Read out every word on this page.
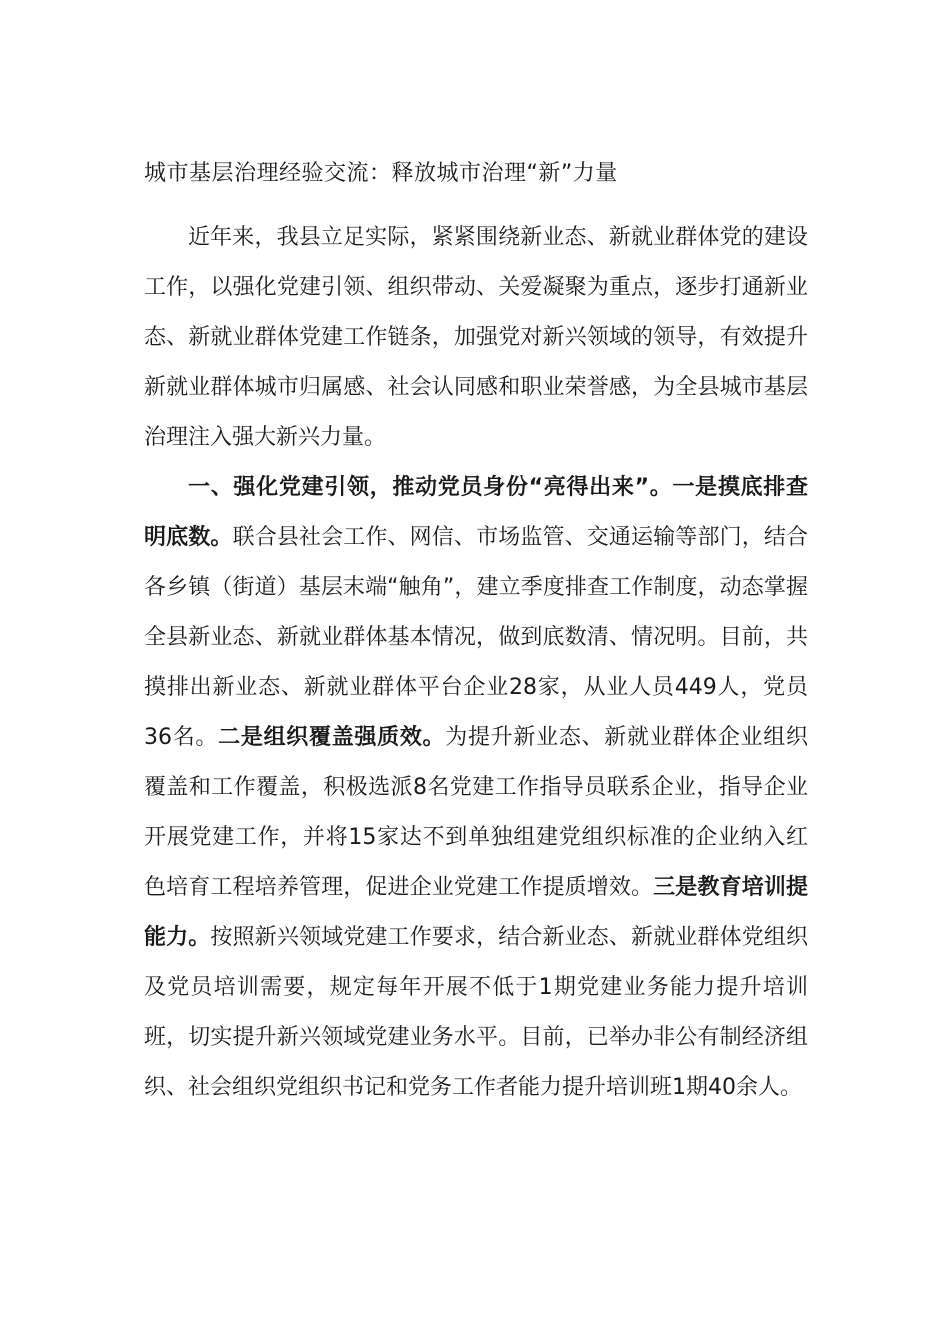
城市基层治理经验交流：释放城市治理“新”力量

近年来，我县立足实际，紧紧围绕新业态、新就业群体党的建设工作，以强化党建引领、组织带动、关爱凝聚为重点，逐步打通新业态、新就业群体党建工作链条，加强党对新兴领域的领导，有效提升新就业群体城市归属感、社会认同感和职业荣誉感，为全县城市基层治理注入强大新兴力量。

一、强化党建引领，推动党员身份“亮得出来”。一是摸底排查明底数。联合县社会工作、网信、市场监管、交通运输等部门，结合各乡镇（街道）基层末端“触角”，建立季度排查工作制度，动态掌握全县新业态、新就业群体基本情况，做到底数清、情况明。目前，共摸排出新业态、新就业群体平台企业28家，从业人员449人，党员36名。二是组织覆盖强质效。为提升新业态、新就业群体企业组织覆盖和工作覆盖，积极选派8名党建工作指导员联系企业，指导企业开展党建工作，并将15家达不到单独组建党组织标准的企业纳入红色培育工程培养管理，促进企业党建工作提质增效。三是教育培训提能力。按照新兴领域党建工作要求，结合新业态、新就业群体党组织及党员培训需要，规定每年开展不低于1期党建业务能力提升培训班，切实提升新兴领域党建业务水平。目前，已举办非公有制经济组织、社会组织党组织书记和党务工作者能力提升培训班1期40余人。
